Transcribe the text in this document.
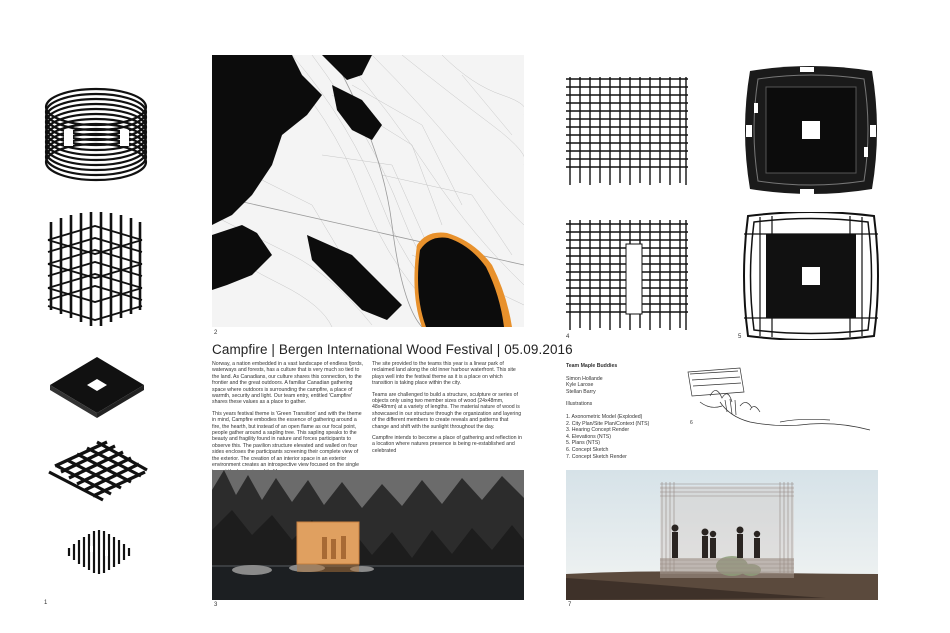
1
2
Campfire | Bergen International Wood Festival | 05.09.2016

Norway, a nation embedded in a vast landscape of endless fjords, waterways and forests, has a culture that is very much so tied to the land. As Canadians, our culture shares this connection, to the frontier and the great outdoors. A familiar Canadian gathering space where outdoors is surrounding the campfire, a place of warmth, security and light. Our team entry, entitled 'Campfire' shares these values as a place to gather.

This years festival theme is 'Green Transition' and with the theme in mind, Campfire embodies the essence of gathering around a fire, the hearth, but instead of an open flame as our focal point, people gather around a sapling tree. This sapling speaks to the beauty and fragility found in nature and forces participants to observe this. The pavilion structure elevated and walled on four sides encloses the participants screening their complete view of the exterior. The creation of an interior space in an exterior environment creates an introspective view focused on the single

The site provided to the teams this year is a linear park of reclaimed land along the old inner harbour waterfront. This site plays well into the festival theme as it is a place on which transition is taking place within the city.

Teams are challenged to build a structure, sculpture or series of objects only using two member sizes of wood (24x48mm, 48x48mm) at a variety of lengths. The material nature of wood is showcased in our structure through the organization and layering of the different members to create reveals and patterns that change and shift with the sunlight throughout the day.

Campfire intends to become a place of gathering and reflection in a location where natures presence is being re-established and celebrated

3
4	5
Team Maple Buddies
Simon Hollande
Kyle Larose
Stellan Barry
Illustrations
1. Axonometric Model (Exploded)
2. City Plan/Site Plan/Context (NTS)
3. Hearing Concept Render
4. Elevations (NTS)
5. Plans (NTS)
6. Concept Sketch
7. Concept Sketch Render
6
7
